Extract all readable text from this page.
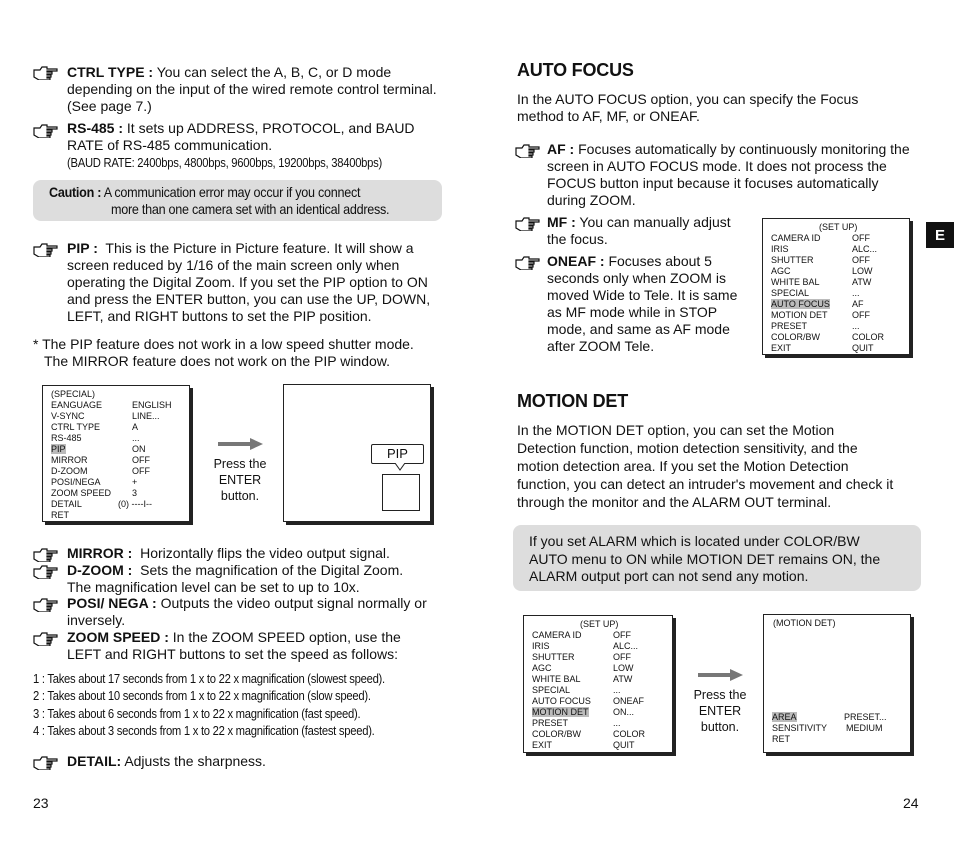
CTRL TYPE : You can select the A, B, C, or D mode
depending on the input of the wired remote control terminal.
(See page 7.)
RS-485 : It sets up ADDRESS, PROTOCOL, and BAUD
RATE of RS-485 communication.
(BAUD RATE: 2400bps, 4800bps, 9600bps, 19200bps, 38400bps)
Caution : A communication error may occur if you connect
more than one camera set with an identical address.
PIP : This is the Picture in Picture feature. It will show a
screen reduced by 1/16 of the main screen only when
operating the Digital Zoom. If you set the PIP option to ON
and press the ENTER button, you can use the UP, DOWN,
LEFT, and RIGHT buttons to set the PIP position.
* The PIP feature does not work in a low speed shutter mode.
The MIRROR feature does not work on the PIP window.
(SPECIAL)
EANGUAGE	ENGLISH
V-SYNC	LINE...
CTRL TYPE	A
RS-485	...
PIP	ON
MIRROR	OFF
D-ZOOM	OFF
POSI/NEGA	+
ZOOM SPEED	3
DETAIL	(0) ----I--
RET
Press the
ENTER
button.
PIP
MIRROR : Horizontally flips the video output signal.
D-ZOOM : Sets the magnification of the Digital Zoom.
The magnification level can be set to up to 10x.
POSI/ NEGA : Outputs the video output signal normally or
inversely.
ZOOM SPEED : In the ZOOM SPEED option, use the
LEFT and RIGHT buttons to set the speed as follows:
1 : Takes about 17 seconds from 1 x to 22 x magnification (slowest speed).
2 : Takes about 10 seconds from 1 x to 22 x magnification (slow speed).
3 : Takes about 6 seconds from 1 x to 22 x magnification (fast speed).
4 : Takes about 3 seconds from 1 x to 22 x magnification (fastest speed).
DETAIL: Adjusts the sharpness.
23
AUTO FOCUS
In the AUTO FOCUS option, you can specify the Focus
method to AF, MF, or ONEAF.
AF : Focuses automatically by continuously monitoring the
screen in AUTO FOCUS mode. It does not process the
FOCUS button input because it focuses automatically
during ZOOM.
MF : You can manually adjust
the focus.
ONEAF : Focuses about 5
seconds only when ZOOM is
moved Wide to Tele. It is same
as MF mode while in STOP
mode, and same as AF mode
after ZOOM Tele.
(SET UP)
CAMERA ID	OFF
IRIS	ALC...
SHUTTER	OFF
AGC	LOW
WHITE BAL	ATW
SPECIAL	...
AUTO FOCUS	AF
MOTION DET	OFF
PRESET	...
COLOR/BW	COLOR
EXIT	QUIT
E
MOTION DET
In the MOTION DET option, you can set the Motion
Detection function, motion detection sensitivity, and the
motion detection area. If you set the Motion Detection
function, you can detect an intruder's movement and check it
through the monitor and the ALARM OUT terminal.
If you set ALARM which is located under COLOR/BW
AUTO menu to ON while MOTION DET remains ON, the
ALARM output port can not send any motion.
(SET UP)
CAMERA ID	OFF
IRIS	ALC...
SHUTTER	OFF
AGC	LOW
WHITE BAL	ATW
SPECIAL	...
AUTO FOCUS	ONEAF
MOTION DET	ON...
PRESET	...
COLOR/BW	COLOR
EXIT	QUIT
Press the
ENTER
button.
(MOTION DET)
AREA	PRESET...
SENSITIVITY	MEDIUM
RET
24
